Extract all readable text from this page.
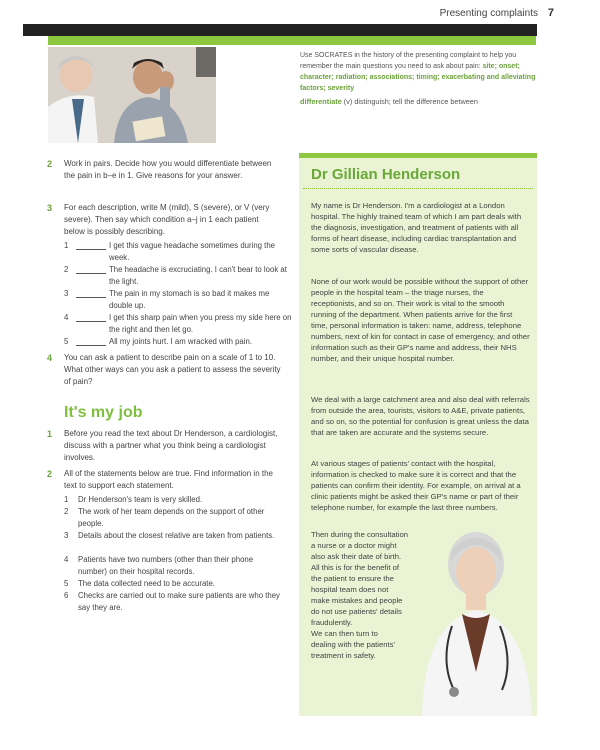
Presenting complaints 7
Use SOCRATES in the history of the presenting complaint to help you remember the main questions you need to ask about pain: site; onset; character; radiation; associations; timing; exacerbating and alleviating factors; severity
differentiate (v) distinguish; tell the difference between
2 Work in pairs. Decide how you would differentiate between the pain in b–e in 1. Give reasons for your answer.
3 For each description, write M (mild), S (severe), or V (very severe). Then say which condition a–j in 1 each patient below is possibly describing.
1	I get this vague headache sometimes during the week.
2	The headache is excruciating. I can't bear to look at the light.
3	The pain in my stomach is so bad it makes me double up.
4	I get this sharp pain when you press my side here on the right and then let go.
5	All my joints hurt. I am wracked with pain.
4 You can ask a patient to describe pain on a scale of 1 to 10. What other ways can you ask a patient to assess the severity of pain?
It's my job
1 Before you read the text about Dr Henderson, a cardiologist, discuss with a partner what you think being a cardiologist involves.
2 All of the statements below are true. Find information in the text to support each statement.
1 Dr Henderson's team is very skilled.
2 The work of her team depends on the support of other people.
3 Details about the closest relative are taken from patients.
4 Patients have two numbers (other than their phone number) on their hospital records.
5 The data collected need to be accurate.
6 Checks are carried out to make sure patients are who they say they are.
Dr Gillian Henderson
My name is Dr Henderson. I'm a cardiologist at a London hospital. The highly trained team of which I am part deals with the diagnosis, investigation, and treatment of patients with all forms of heart disease, including cardiac transplantation and some sorts of vascular disease.
None of our work would be possible without the support of other people in the hospital team – the triage nurses, the receptionists, and so on. Their work is vital to the smooth running of the department. When patients arrive for the first time, personal information is taken: name, address, telephone numbers, next of kin for contact in case of emergency, and other information such as their GP's name and address, their NHS number, and their unique hospital number.
We deal with a large catchment area and also deal with referrals from outside the area, tourists, visitors to A&E, private patients, and so on, so the potential for confusion is great unless the data that are taken are accurate and the systems secure.
At various stages of patients' contact with the hospital, information is checked to make sure it is correct and that the patients can confirm their identity. For example, on arrival at a clinic patients might be asked their GP's name or part of their telephone number, for example the last three numbers.
Then during the consultation a nurse or a doctor might also ask their date of birth. All this is for the benefit of the patient to ensure the hospital team does not make mistakes and people do not use patients' details fraudulently.
We can then turn to dealing with the patients' treatment in safety.
